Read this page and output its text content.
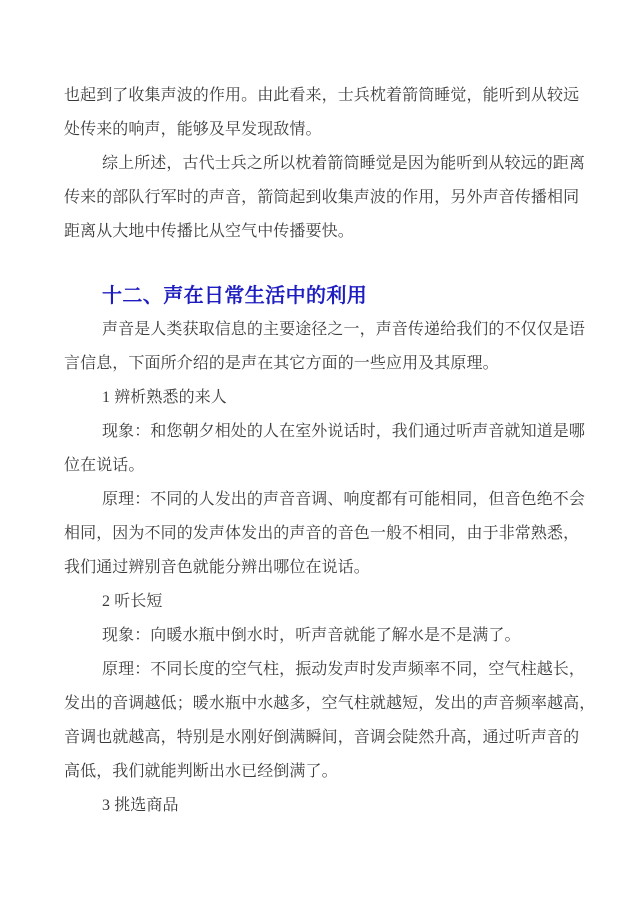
也起到了收集声波的作用。由此看来，士兵枕着箭筒睡觉，能听到从较远
处传来的响声，能够及早发现敌情。
综上所述，古代士兵之所以枕着箭筒睡觉是因为能听到从较远的距离
传来的部队行军时的声音，箭筒起到收集声波的作用，另外声音传播相同
距离从大地中传播比从空气中传播要快。
十二、声在日常生活中的利用
声音是人类获取信息的主要途径之一，声音传递给我们的不仅仅是语
言信息，下面所介绍的是声在其它方面的一些应用及其原理。
1 辨析熟悉的来人
现象：和您朝夕相处的人在室外说话时，我们通过听声音就知道是哪
位在说话。
原理：不同的人发出的声音音调、响度都有可能相同，但音色绝不会
相同，因为不同的发声体发出的声音的音色一般不相同，由于非常熟悉，
我们通过辨别音色就能分辨出哪位在说话。
2 听长短
现象：向暖水瓶中倒水时，听声音就能了解水是不是满了。
原理：不同长度的空气柱，振动发声时发声频率不同，空气柱越长，
发出的音调越低；暖水瓶中水越多，空气柱就越短，发出的声音频率越高，
音调也就越高，特别是水刚好倒满瞬间，音调会陡然升高，通过听声音的
高低，我们就能判断出水已经倒满了。
3 挑选商品
